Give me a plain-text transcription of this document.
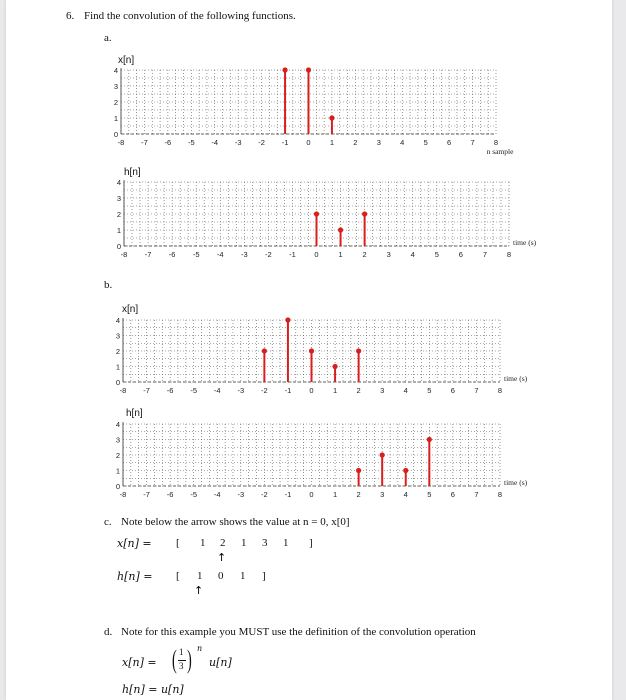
6. Find the convolution of the following functions.
a.
-8 -7 -6 -5 -4 -3 -2 -1 0	1	2	3	4	5	6	7	8
0
1
2
3
4
x[n]
n sample
-8 -7 -6 -5 -4 -3 -2 -1 0	1	2	3	4	5	6	7	8
0
1
2
3
4
h[n]
time (s)
b.
-8 -7 -6 -5 -4 -3 -2 -1 0	1	2	3	4	5	6	7	8
0
1
2
3
4
x[n]
time (s)
-8 -7 -6 -5 -4 -3 -2 -1 0	1	2	3	4	5	6	7	8
0
1
2
3
4
h[n]
time (s)
c. Note below the arrow shows the value at n = 0, x[0]
x[n] = [ 1 2 1 3 1 ]
↑
h[n] = [ 1 0 1 ]
↑
d. Note for this example you MUST use the definition of the convolution operation
x[n] = ( 1
3 ) n
u[n]
h[n] = u[n]
